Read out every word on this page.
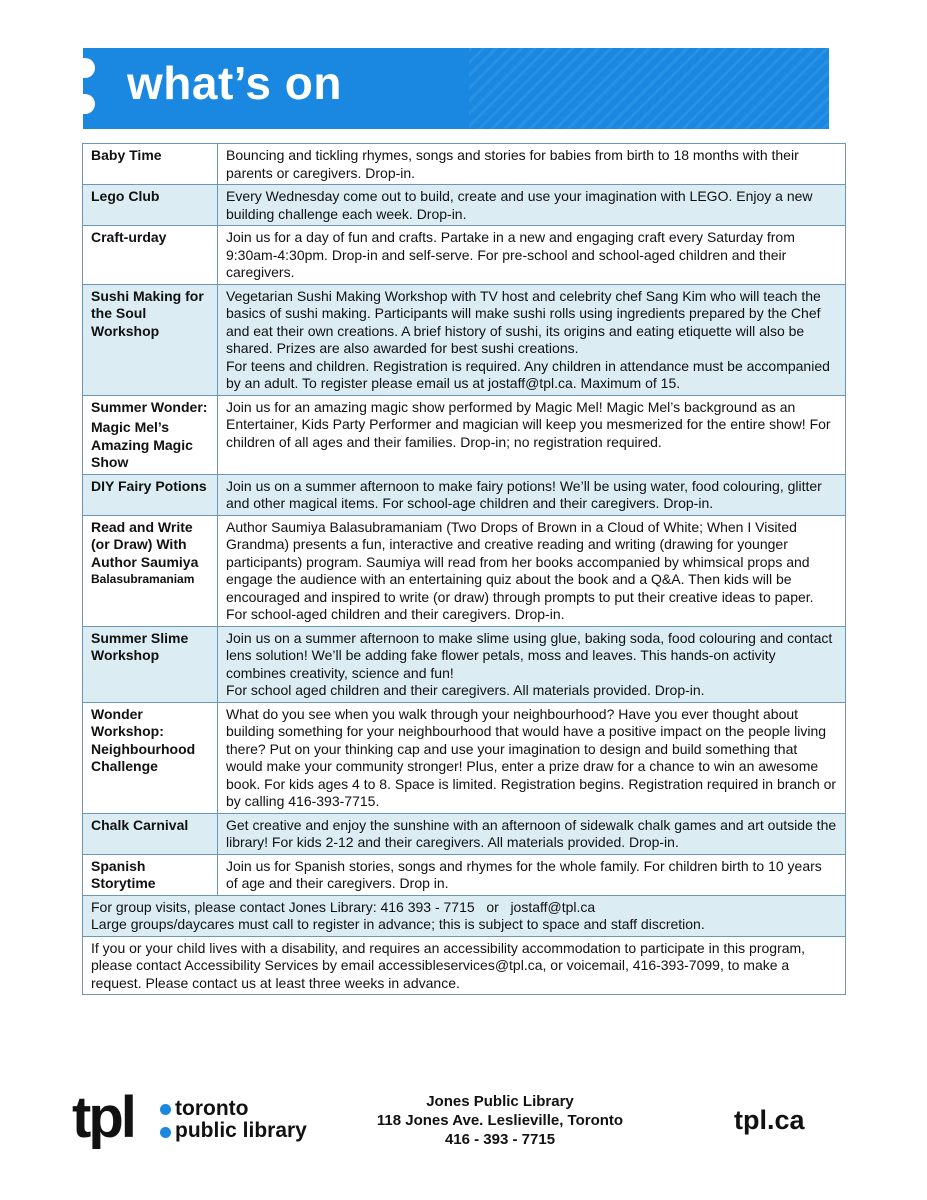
what’s on
Baby Time	Bouncing and tickling rhymes, songs and stories for babies from birth to 18 months with their parents or caregivers. Drop-in.
Lego Club	Every Wednesday come out to build, create and use your imagination with LEGO. Enjoy a new building challenge each week. Drop-in.
Craft-urday	Join us for a day of fun and crafts. Partake in a new and engaging craft every Saturday from 9:30am-4:30pm. Drop-in and self-serve. For pre-school and school-aged children and their caregivers.
Sushi Making for the Soul Workshop	Vegetarian Sushi Making Workshop with TV host and celebrity chef Sang Kim who will teach the basics of sushi making. Participants will make sushi rolls using ingredients prepared by the Chef and eat their own creations. A brief history of sushi, its origins and eating etiquette will also be shared. Prizes are also awarded for best sushi creations.
For teens and children. Registration is required. Any children in attendance must be accompanied by an adult. To register please email us at jostaff@tpl.ca. Maximum of 15.

Summer Wonder:
Magic Mel’s Amazing Magic Show	Join us for an amazing magic show performed by Magic Mel! Magic Mel’s background as an Entertainer, Kids Party Performer and magician will keep you mesmerized for the entire show! For children of all ages and their families. Drop-in; no registration required.
DIY Fairy Potions	Join us on a summer afternoon to make fairy potions! We’ll be using water, food colouring, glitter and other magical items. For school-age children and their caregivers. Drop-in.

Read and Write (or Draw) With Author Saumiya
Balasubramaniam	Author Saumiya Balasubramaniam (Two Drops of Brown in a Cloud of White; When I Visited Grandma) presents a fun, interactive and creative reading and writing (drawing for younger participants) program. Saumiya will read from her books accompanied by whimsical props and engage the audience with an entertaining quiz about the book and a Q&A. Then kids will be encouraged and inspired to write (or draw) through prompts to put their creative ideas to paper. For school-aged children and their caregivers. Drop-in.
Summer Slime Workshop	Join us on a summer afternoon to make slime using glue, baking soda, food colouring and contact lens solution! We’ll be adding fake flower petals, moss and leaves. This hands-on activity combines creativity, science and fun!
For school aged children and their caregivers. All materials provided. Drop-in.

Wonder Workshop: Neighbourhood Challenge	What do you see when you walk through your neighbourhood? Have you ever thought about building something for your neighbourhood that would have a positive impact on the people living there? Put on your thinking cap and use your imagination to design and build something that would make your community stronger! Plus, enter a prize draw for a chance to win an awesome book. For kids ages 4 to 8. Space is limited. Registration begins. Registration required in branch or by calling 416-393-7715.
Chalk Carnival	Get creative and enjoy the sunshine with an afternoon of sidewalk chalk games and art outside the library! For kids 2-12 and their caregivers. All materials provided. Drop-in.
Spanish Storytime	Join us for Spanish stories, songs and rhymes for the whole family. For children birth to 10 years of age and their caregivers. Drop in.

For group visits, please contact Jones Library: 416 393 - 7715   or   jostaff@tpl.ca
Large groups/daycares must call to register in advance; this is subject to space and staff discretion.	

If you or your child lives with a disability, and requires an accessibility accommodation to participate in this program, please contact Accessibility Services by email accessibleservices@tpl.ca, or voicemail, 416-393-7099, to make a request. Please contact us at least three weeks in advance.	
tpl toronto
public library
Jones Public Library
118 Jones Ave. Leslieville, Toronto
416 - 393 - 7715
tpl.ca
